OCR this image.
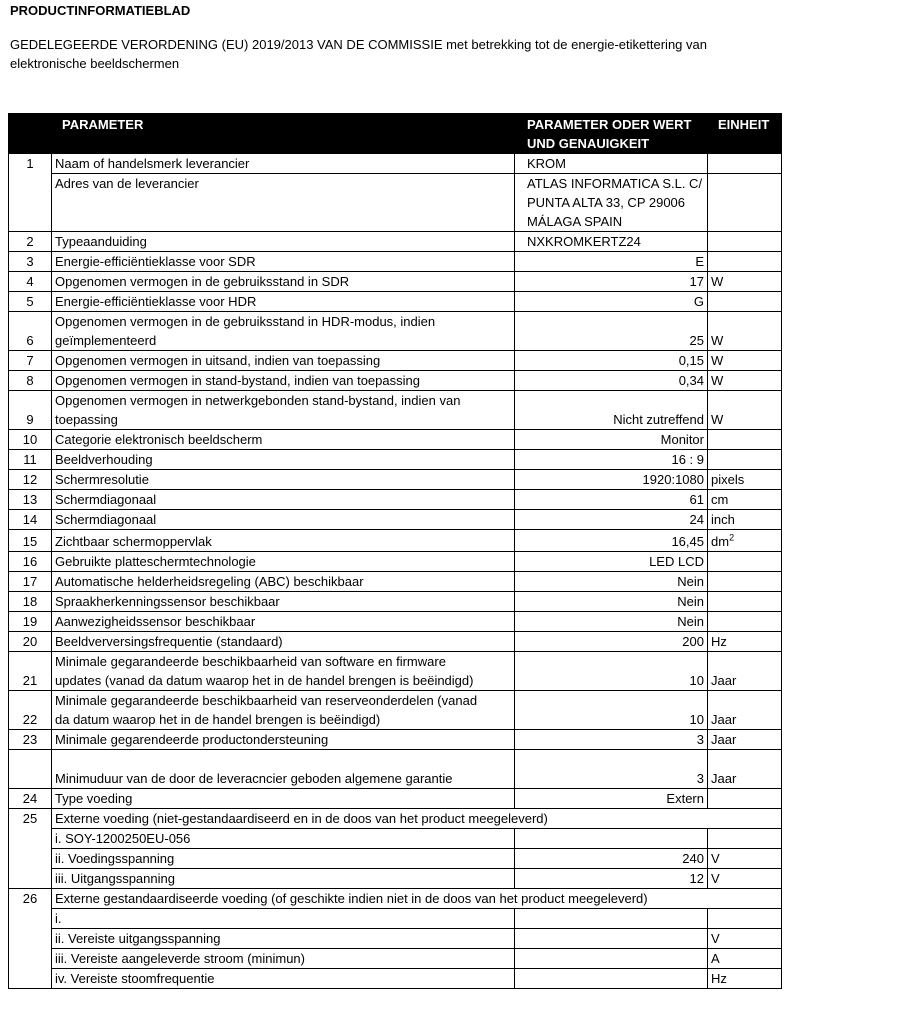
PRODUCTINFORMATIEBLAD
GEDELEGEERDE VERORDENING (EU) 2019/2013 VAN DE COMMISSIE met betrekking tot de energie-etikettering van elektronische beeldschermen
	PARAMETER	PARAMETER ODER WERT
UND GENAUIGKEIT	EINHEIT
1	Naam of handelsmerk leverancier	KROM	
	Adres van de leverancier	ATLAS INFORMATICA S.L. C/
PUNTA ALTA 33, CP 29006
MÁLAGA SPAIN	

2	Typeaanduiding	NXKROMKERTZ24	
3	Energie-efficiëntieklasse voor SDR	E	
4	Opgenomen vermogen in de gebruiksstand in SDR	17	W
5	Energie-efficiëntieklasse voor HDR	G	
6	Opgenomen vermogen in de gebruiksstand in HDR-modus, indien
geïmplementeerd	25	W
7	Opgenomen vermogen in uitsand, indien van toepassing	0,15	W
8	Opgenomen vermogen in stand-bystand, indien van toepassing	0,34	W
9	Opgenomen vermogen in netwerkgebonden stand-bystand, indien van
toepassing	Nicht zutreffend	W
10	Categorie elektronisch beeldscherm	Monitor	
11	Beeldverhouding	16 : 9	
12	Schermresolutie	1920:1080	pixels
13	Schermdiagonaal	61	cm
14	Schermdiagonaal	24	inch
15	Zichtbaar schermoppervlak	16,45	$dm^2$
16	Gebruikte platteschermtechnologie	LED LCD	
17	Automatische helderheidsregeling (ABC) beschikbaar	Nein	
18	Spraakherkenningssensor beschikbaar	Nein	
19	Aanwezigheidssensor beschikbaar	Nein	
20	Beeldverversingsfrequentie (standaard)	200	Hz
21	Minimale gegarandeerde beschikbaarheid van software en firmware
updates (vanad da datum waarop het in de handel brengen is beëindigd)	10	Jaar
22	Minimale gegarandeerde beschikbaarheid van reserveonderdelen (vanad
da datum waarop het in de handel brengen is beëindigd)	10	Jaar
23	Minimale gegarendeerde productondersteuning	3	Jaar
	Minimuduur van de door de leveracncier geboden algemene garantie	3	Jaar
24	Type voeding	Extern	
25	Externe voeding (niet-gestandaardiseerd en in de doos van het product meegeleverd)		
	i. SOY-1200250EU-056		
	ii. Voedingsspanning	240	V
	iii. Uitgangsspanning	12	V
26	Externe gestandaardiseerde voeding (of geschikte indien niet in de doos van het product meegeleverd)		
	i.		
	ii. Vereiste uitgangsspanning		V
	iii. Vereiste aangeleverde stroom (minimun)		A
	iv. Vereiste stoomfrequentie		Hz
